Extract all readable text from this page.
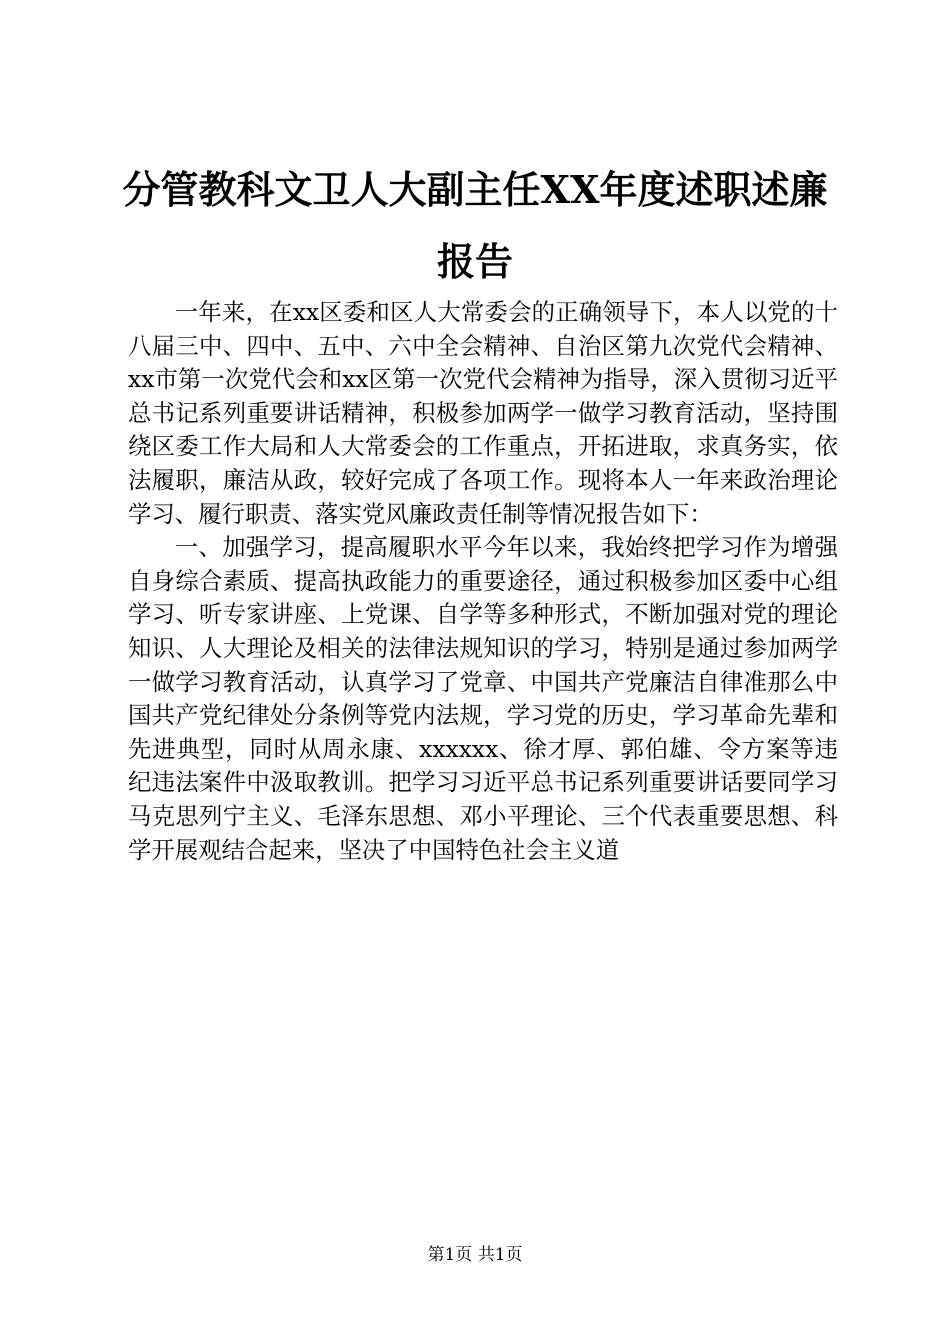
分管教科文卫人大副主任XX年度述职述廉报告

一年来，在xx区委和区人大常委会的正确领导下，本人以党的十八届三中、四中、五中、六中全会精神、自治区第九次党代会精神、xx市第一次党代会和xx区第一次党代会精神为指导，深入贯彻习近平总书记系列重要讲话精神，积极参加两学一做学习教育活动，坚持围绕区委工作大局和人大常委会的工作重点，开拓进取，求真务实，依法履职，廉洁从政，较好完成了各项工作。现将本人一年来政治理论学习、履行职责、落实党风廉政责任制等情况报告如下：

一、加强学习，提高履职水平今年以来，我始终把学习作为增强自身综合素质、提高执政能力的重要途径，通过积极参加区委中心组学习、听专家讲座、上党课、自学等多种形式，不断加强对党的理论知识、人大理论及相关的法律法规知识的学习，特别是通过参加两学一做学习教育活动，认真学习了党章、中国共产党廉洁自律准那么中国共产党纪律处分条例等党内法规，学习党的历史，学习革命先辈和先进典型，同时从周永康、xxxxxx、徐才厚、郭伯雄、令方案等违纪违法案件中汲取教训。把学习习近平总书记系列重要讲话要同学习马克思列宁主义、毛泽东思想、邓小平理论、三个代表重要思想、科学开展观结合起来，坚决了中国特色社会主义道

第1页 共1页
